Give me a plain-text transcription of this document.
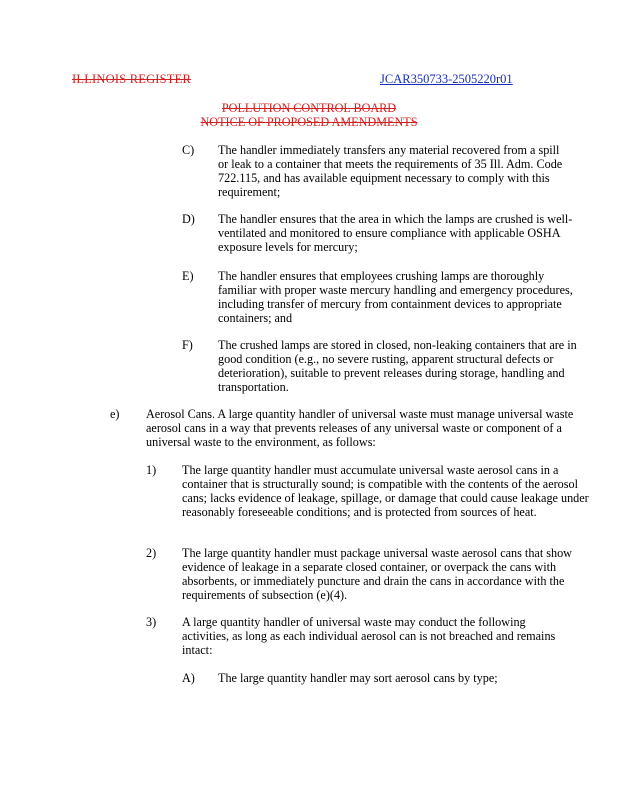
ILLINOIS REGISTER	JCAR350733-2505220r01
POLLUTION CONTROL BOARD
NOTICE OF PROPOSED AMENDMENTS
C) The handler immediately transfers any material recovered from a spill or leak to a container that meets the requirements of 35 Ill. Adm. Code 722.115, and has available equipment necessary to comply with this requirement;
D) The handler ensures that the area in which the lamps are crushed is well-ventilated and monitored to ensure compliance with applicable OSHA exposure levels for mercury;
E) The handler ensures that employees crushing lamps are thoroughly familiar with proper waste mercury handling and emergency procedures, including transfer of mercury from containment devices to appropriate containers; and
F) The crushed lamps are stored in closed, non-leaking containers that are in good condition (e.g., no severe rusting, apparent structural defects or deterioration), suitable to prevent releases during storage, handling and transportation.
e) Aerosol Cans. A large quantity handler of universal waste must manage universal waste aerosol cans in a way that prevents releases of any universal waste or component of a universal waste to the environment, as follows:
1) The large quantity handler must accumulate universal waste aerosol cans in a container that is structurally sound; is compatible with the contents of the aerosol cans; lacks evidence of leakage, spillage, or damage that could cause leakage under reasonably foreseeable conditions; and is protected from sources of heat.
2) The large quantity handler must package universal waste aerosol cans that show evidence of leakage in a separate closed container, or overpack the cans with absorbents, or immediately puncture and drain the cans in accordance with the requirements of subsection (e)(4).
3) A large quantity handler of universal waste may conduct the following activities, as long as each individual aerosol can is not breached and remains intact:
A) The large quantity handler may sort aerosol cans by type;
